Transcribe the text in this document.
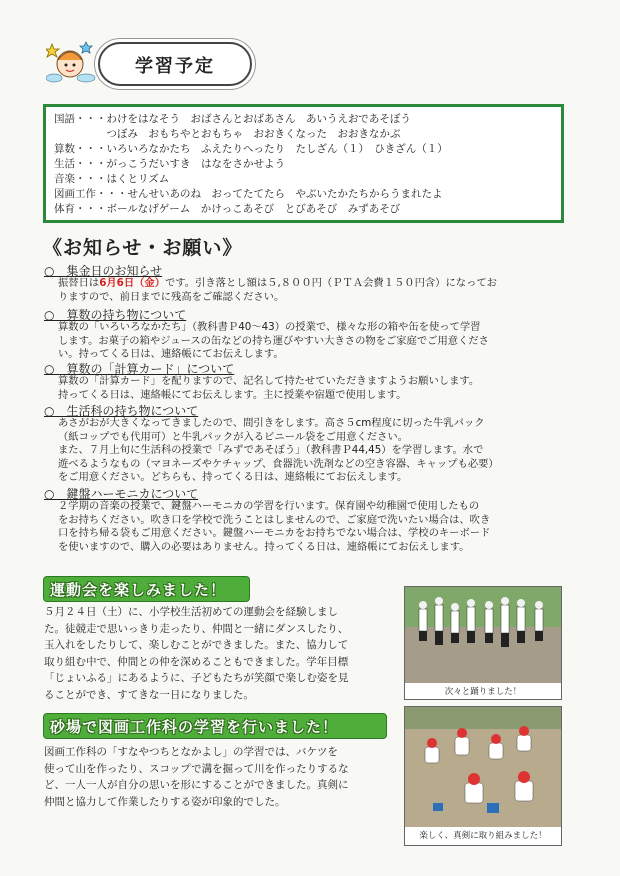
学習予定
国語・・・わけをはなそう　おばさんとおばあさん　あいうえおであそぼう
　　　　　つぼみ　おもちやとおもちゃ　おおきくなった　おおきなかぶ
算数・・・いろいろなかたち　ふえたりへったり　たしざん（１）　ひきざん（１）
生活・・・がっこうだいすき　はなをさかせよう
音楽・・・はくとリズム
図画工作・・・せんせいあのね　おってたてたら　やぶいたかたちからうまれたよ
体育・・・ボールなげゲーム　かけっこあそび　とびあそび　みずあそび
《お知らせ・お願い》
○　集金日のお知らせ
振替日は6月6日（金）です。引き落とし額は５,８００円（ＰＴＡ会費１５０円含）になってお
りますので、前日までに残高をご確認ください。
○　算数の持ち物について
算数の「いろいろなかたち」（教科書Ｐ40～43）の授業で、様々な形の箱や缶を使って学習
します。お菓子の箱やジュースの缶などの持ち運びやすい大きさの物をご家庭でご用意くださ
い。持ってくる日は、連絡帳にてお伝えします。
○　算数の「計算カード」について
算数の「計算カード」を配りますので、記名して持たせていただきますようお願いします。
持ってくる日は、連絡帳にてお伝えします。主に授業や宿題で使用します。
○　生活科の持ち物について
あさがおが大きくなってきましたので、間引きをします。高さ５cm程度に切った牛乳パック
（紙コップでも代用可）と牛乳パックが入るビニール袋をご用意ください。
また、７月上旬に生活科の授業で「みずであそぼう」（教科書Ｐ44,45）を学習します。水で
遊べるようなもの（マヨネーズやケチャップ、食器洗い洗剤などの空き容器、キャップも必要）
をご用意ください。どちらも、持ってくる日は、連絡帳にてお伝えします。
○　鍵盤ハーモニカについて
２学期の音楽の授業で、鍵盤ハーモニカの学習を行います。保育園や幼稚園で使用したもの
をお持ちください。吹き口を学校で洗うことはしませんので、ご家庭で洗いたい場合は、吹き
口を持ち帰る袋もご用意ください。鍵盤ハーモニカをお持ちでない場合は、学校のキーボード
を使いますので、購入の必要はありません。持ってくる日は、連絡帳にてお伝えします。
運動会を楽しみました！
５月２４日（土）に、小学校生活初めての運動会を経験しまし
た。徒競走で思いっきり走ったり、仲間と一緒にダンスしたり、
玉入れをしたりして、楽しむことができました。また、協力して
取り組む中で、仲間との仲を深めることもできました。学年目標
「じょいふる」にあるように、子どもたちが笑顔で楽しむ姿を見
ることができ、すてきな一日になりました。	次々と踊りました！
砂場で図画工作科の学習を行いました！
図画工作科の「すなやつちとなかよし」の学習では、バケツを
使って山を作ったり、スコップで溝を掘って川を作ったりするな
ど、一人一人が自分の思いを形にすることができました。真剣に
仲間と協力して作業したりする姿が印象的でした。
楽しく、真剣に取り組みました！
